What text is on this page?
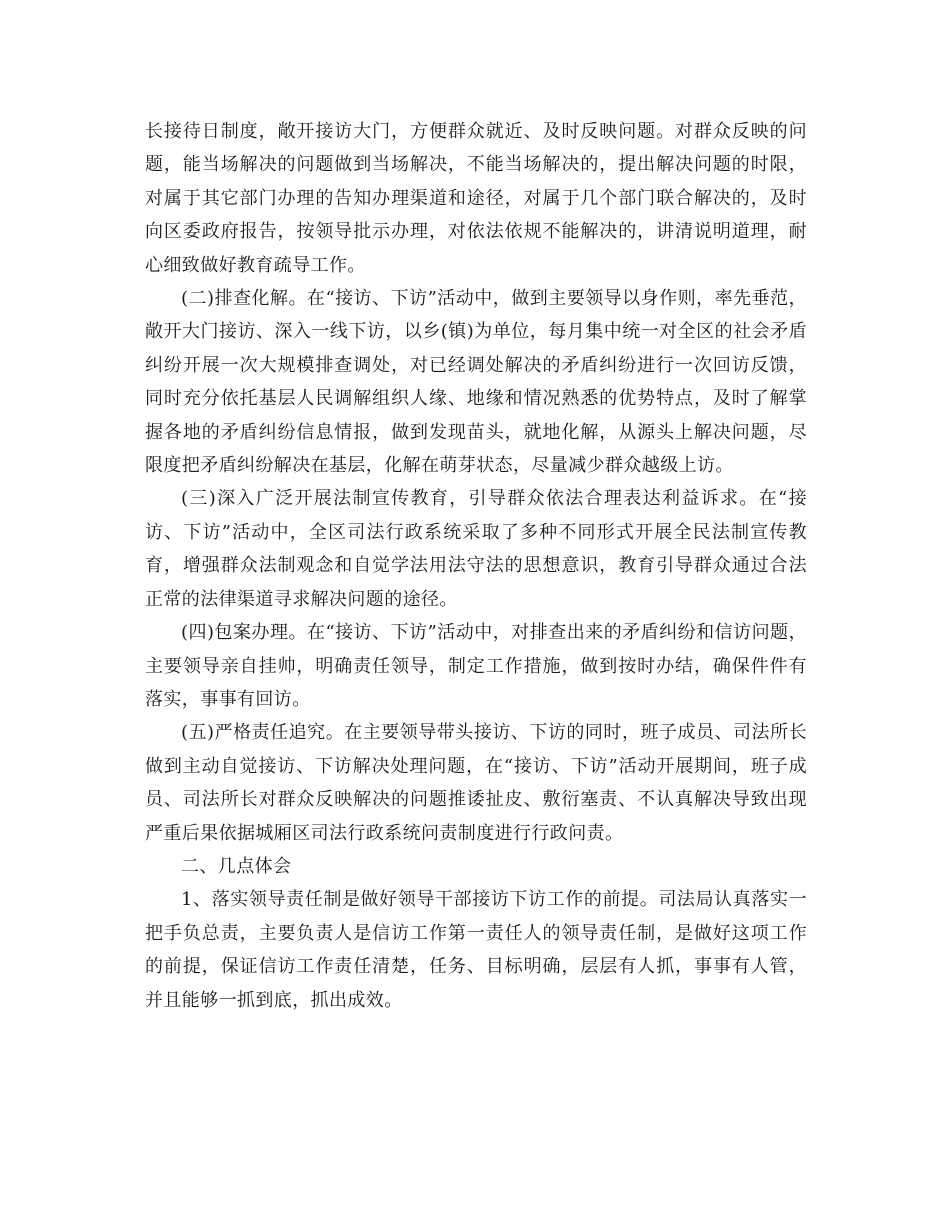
长接待日制度，敞开接访大门，方便群众就近、及时反映问题。对群众反映的问题，能当场解决的问题做到当场解决，不能当场解决的，提出解决问题的时限，对属于其它部门办理的告知办理渠道和途径，对属于几个部门联合解决的，及时向区委政府报告，按领导批示办理，对依法依规不能解决的，讲清说明道理，耐心细致做好教育疏导工作。

(二)排查化解。在“接访、下访”活动中，做到主要领导以身作则，率先垂范，敞开大门接访、深入一线下访，以乡(镇)为单位，每月集中统一对全区的社会矛盾纠纷开展一次大规模排查调处，对已经调处解决的矛盾纠纷进行一次回访反馈，同时充分依托基层人民调解组织人缘、地缘和情况熟悉的优势特点，及时了解掌握各地的矛盾纠纷信息情报，做到发现苗头，就地化解，从源头上解决问题，尽限度把矛盾纠纷解决在基层，化解在萌芽状态，尽量减少群众越级上访。

(三)深入广泛开展法制宣传教育，引导群众依法合理表达利益诉求。在“接访、下访”活动中，全区司法行政系统采取了多种不同形式开展全民法制宣传教育，增强群众法制观念和自觉学法用法守法的思想意识，教育引导群众通过合法正常的法律渠道寻求解决问题的途径。

(四)包案办理。在“接访、下访”活动中，对排查出来的矛盾纠纷和信访问题，主要领导亲自挂帅，明确责任领导，制定工作措施，做到按时办结，确保件件有落实，事事有回访。

(五)严格责任追究。在主要领导带头接访、下访的同时，班子成员、司法所长做到主动自觉接访、下访解决处理问题，在“接访、下访”活动开展期间，班子成员、司法所长对群众反映解决的问题推诿扯皮、敷衍塞责、不认真解决导致出现严重后果依据城厢区司法行政系统问责制度进行行政问责。

二、几点体会

1、落实领导责任制是做好领导干部接访下访工作的前提。司法局认真落实一把手负总责，主要负责人是信访工作第一责任人的领导责任制，是做好这项工作的前提，保证信访工作责任清楚，任务、目标明确，层层有人抓，事事有人管，并且能够一抓到底，抓出成效。
